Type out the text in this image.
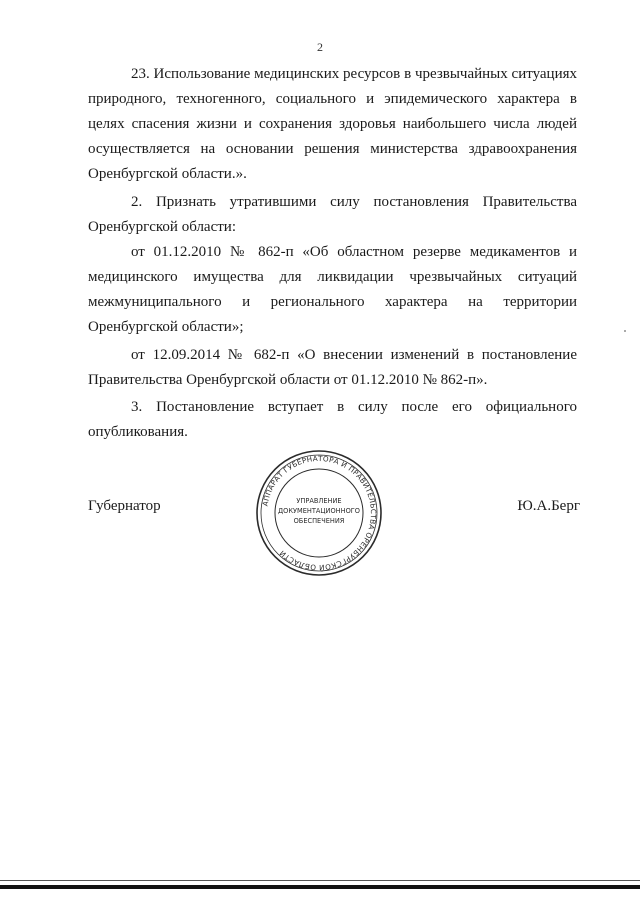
2

23. Использование медицинских ресурсов в чрезвычайных ситуациях природного, техногенного, социального и эпидемического характера в целях спасения жизни и сохранения здоровья наибольшего числа людей осуществляется на основании решения министерства здравоохранения Оренбургской области.».

2. Признать утратившими силу постановления Правительства Оренбургской области:

от 01.12.2010 № 862-п «Об областном резерве медикаментов и медицинского имущества для ликвидации чрезвычайных ситуаций межмуниципального и регионального характера на территории Оренбургской области»;

от 12.09.2014 № 682-п «О внесении изменений в постановление Правительства Оренбургской области от 01.12.2010 № 862-п».

3. Постановление вступает в силу после его официального опубликования.

Губернатор	АППАРАТ ГУБЕРНАТОРА И ПРАВИТЕЛЬСТВА ОРЕНБУРГСКОЙ ОБЛАСТИ
УПРАВЛЕНИЕ
ДОКУМЕНТАЦИОННОГО
ОБЕСПЕЧЕНИЯ
Ю.А.Берг
